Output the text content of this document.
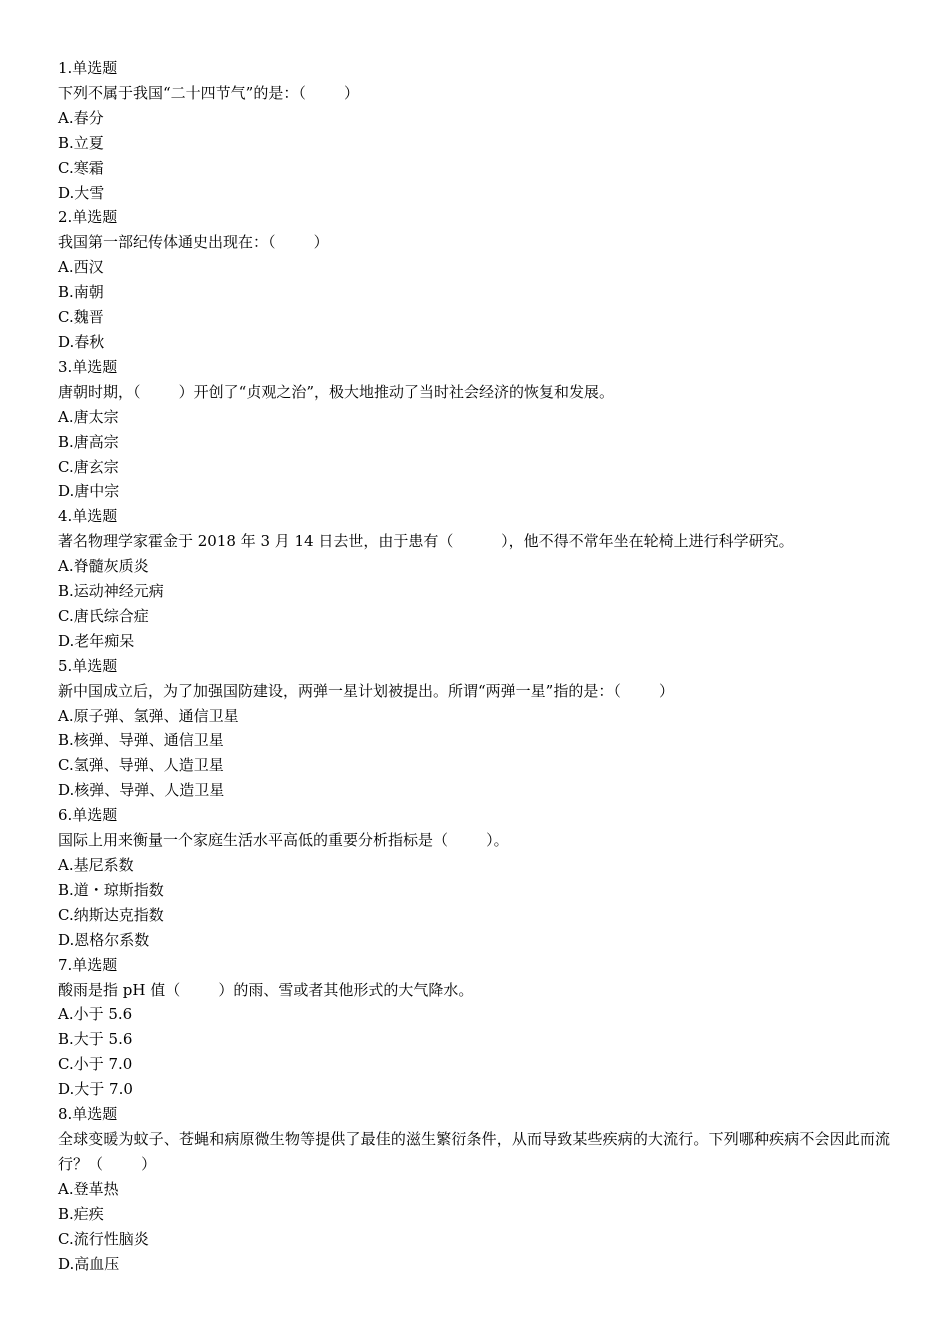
1.单选题

下列不属于我国“二十四节气”的是：（        ）

A.春分

B.立夏

C.寒霜

D.大雪

2.单选题

我国第一部纪传体通史出现在：（        ）

A.西汉

B.南朝

C.魏晋

D.春秋

3.单选题

唐朝时期，（        ）开创了“贞观之治”，极大地推动了当时社会经济的恢复和发展。

A.唐太宗

B.唐高宗

C.唐玄宗

D.唐中宗

4.单选题

著名物理学家霍金于 2018 年 3 月 14 日去世，由于患有（          ），他不得不常年坐在轮椅上进行科学研究。

A.脊髓灰质炎

B.运动神经元病

C.唐氏综合症

D.老年痴呆

5.单选题

新中国成立后，为了加强国防建设，两弹一星计划被提出。所谓“两弹一星”指的是：（        ）

A.原子弹、氢弹、通信卫星

B.核弹、导弹、通信卫星

C.氢弹、导弹、人造卫星

D.核弹、导弹、人造卫星

6.单选题

国际上用来衡量一个家庭生活水平高低的重要分析指标是（        ）。

A.基尼系数

B.道・琼斯指数

C.纳斯达克指数

D.恩格尔系数

7.单选题

酸雨是指 pH 值（        ）的雨、雪或者其他形式的大气降水。

A.小于 5.6

B.大于 5.6

C.小于 7.0

D.大于 7.0

8.单选题

全球变暖为蚊子、苍蝇和病原微生物等提供了最佳的滋生繁衍条件，从而导致某些疾病的大流行。下列哪种疾病不会因此而流行？（        ）

A.登革热

B.疟疾

C.流行性脑炎

D.高血压
